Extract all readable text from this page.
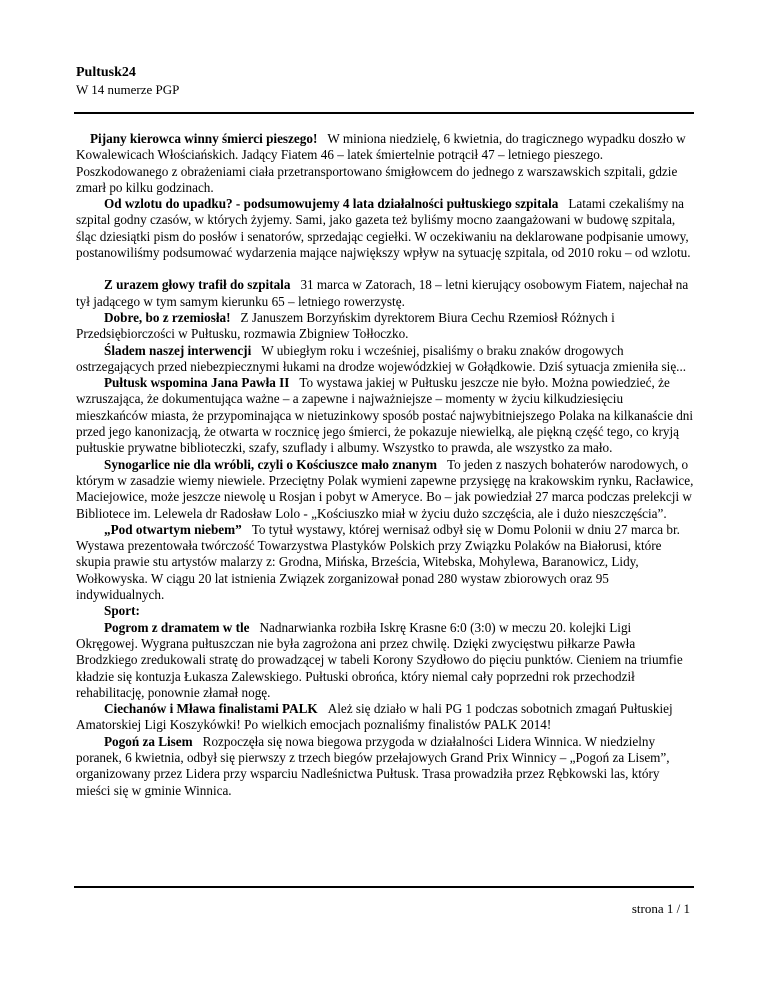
Pultusk24
W 14 numerze PGP

Pijany kierowca winny śmierci pieszego! W miniona niedzielę, 6 kwietnia, do tragicznego wypadku doszło w Kowalewicach Włościańskich. Jadący Fiatem 46 – latek śmiertelnie potrącił 47 – letniego pieszego. Poszkodowanego z obrażeniami ciała przetransportowano śmigłowcem do jednego z warszawskich szpitali, gdzie zmarł po kilku godzinach.

Od wzlotu do upadku? - podsumowujemy 4 lata działalności pułtuskiego szpitala Latami czekaliśmy na szpital godny czasów, w których żyjemy. Sami, jako gazeta też byliśmy mocno zaangażowani w budowę szpitala, śląc dziesiątki pism do posłów i senatorów, sprzedając cegiełki. W oczekiwaniu na deklarowane podpisanie umowy, postanowiliśmy podsumować wydarzenia mające największy wpływ na sytuację szpitala, od 2010 roku – od wzlotu.

Z urazem głowy trafił do szpitala 31 marca w Zatorach, 18 – letni kierujący osobowym Fiatem, najechał na tył jadącego w tym samym kierunku 65 – letniego rowerzystę.

Dobre, bo z rzemiosła! Z Januszem Borzyńskim dyrektorem Biura Cechu Rzemiosł Różnych i Przedsiębiorczości w Pułtusku, rozmawia Zbigniew Tołłoczko.

Śladem naszej interwencji W ubiegłym roku i wcześniej, pisaliśmy o braku znaków drogowych ostrzegających przed niebezpiecznymi łukami na drodze wojewódzkiej w Gołądkowie. Dziś sytuacja zmieniła się...

Pułtusk wspomina Jana Pawła II To wystawa jakiej w Pułtusku jeszcze nie było. Można powiedzieć, że wzruszająca, że dokumentująca ważne – a zapewne i najważniejsze – momenty w życiu kilkudziesięciu mieszkańców miasta, że przypominająca w nietuzinkowy sposób postać najwybitniejszego Polaka na kilkanaście dni przed jego kanonizacją, że otwarta w rocznicę jego śmierci, że pokazuje niewielką, ale piękną część tego, co kryją pułtuskie prywatne biblioteczki, szafy, szuflady i albumy. Wszystko to prawda, ale wszystko za mało.

Synogarlice nie dla wróbli, czyli o Kościuszce mało znanym To jeden z naszych bohaterów narodowych, o którym w zasadzie wiemy niewiele. Przeciętny Polak wymieni zapewne przysięgę na krakowskim rynku, Racławice, Maciejowice, może jeszcze niewolę u Rosjan i pobyt w Ameryce. Bo – jak powiedział 27 marca podczas prelekcji w Bibliotece im. Lelewela dr Radosław Lolo - „Kościuszko miał w życiu dużo szczęścia, ale i dużo nieszczęścia”.

„Pod otwartym niebem” To tytuł wystawy, której wernisaż odbył się w Domu Polonii w dniu 27 marca br. Wystawa prezentowała twórczość Towarzystwa Plastyków Polskich przy Związku Polaków na Białorusi, które skupia prawie stu artystów malarzy z: Grodna, Mińska, Brześcia, Witebska, Mohylewa, Baranowicz, Lidy, Wołkowyska. W ciągu 20 lat istnienia Związek zorganizował ponad 280 wystaw zbiorowych oraz 95 indywidualnych.

Sport:

Pogrom z dramatem w tle Nadnarwianka rozbiła Iskrę Krasne 6:0 (3:0) w meczu 20. kolejki Ligi Okręgowej. Wygrana pułtuszczan nie była zagrożona ani przez chwilę. Dzięki zwycięstwu piłkarze Pawła Brodzkiego zredukowali stratę do prowadzącej w tabeli Korony Szydłowo do pięciu punktów. Cieniem na triumfie kładzie się kontuzja Łukasza Zalewskiego. Pułtuski obrońca, który niemal cały poprzedni rok przechodził rehabilitację, ponownie złamał nogę.

Ciechanów i Mława finalistami PALK Ależ się działo w hali PG 1 podczas sobotnich zmagań Pułtuskiej Amatorskiej Ligi Koszykówki! Po wielkich emocjach poznaliśmy finalistów PALK 2014!

Pogoń za Lisem Rozpoczęła się nowa biegowa przygoda w działalności Lidera Winnica. W niedzielny poranek, 6 kwietnia, odbył się pierwszy z trzech biegów przełajowych Grand Prix Winnicy – „Pogoń za Lisem”, organizowany przez Lidera przy wsparciu Nadleśnictwa Pułtusk. Trasa prowadziła przez Rębkowski las, który mieści się w gminie Winnica.

strona 1 / 1
